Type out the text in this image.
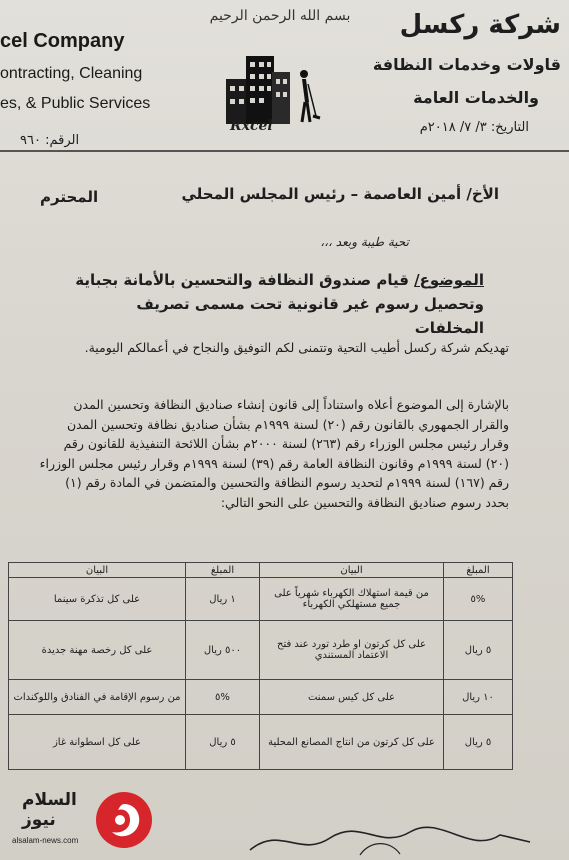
cel Company
ontracting, Cleaning
es, & Public Services
الرقم: ٩٦٠
بسم الله الرحمن الرحيم
Rxcel
شركة ركسل
قاولات وخدمات النظافة
والخدمات العامة
التاريخ: ٣/ ٧/ ٢٠١٨م
الأخ/ أمين العاصمة – رئيس المجلس المحلي
المحترم
تحية طيبة وبعد ،،،
الموضوع/ قيام صندوق النظافة والتحسين بالأمانة بجباية وتحصيل رسوم غير قانونية تحت مسمى تصريف المخلفات
تهديكم شركة ركسل أطيب التحية وتتمنى لكم التوفيق والنجاح في أعمالكم اليومية.
بالإشارة إلى الموضوع أعلاه واستناداً إلى قانون إنشاء صناديق النظافة وتحسين المدن والقرار الجمهوري بالقانون رقم (٢٠) لسنة ١٩٩٩م بشأن صناديق نظافة وتحسين المدن وقرار رئيس مجلس الوزراء رقم (٢٦٣) لسنة ٢٠٠٠م بشأن اللائحة التنفيذية للقانون رقم (٢٠) لسنة ١٩٩٩م وقانون النظافة العامة رقم (٣٩) لسنة ١٩٩٩م وقرار رئيس مجلس الوزراء رقم (١٦٧) لسنة ١٩٩٩م لتحديد رسوم النظافة والتحسين والمتضمن في المادة رقم (١) بحدد رسوم صناديق النظافة والتحسين على النحو التالي:
المبلغ	البيان	المبلغ	البيان
%٥	من قيمة استهلاك الكهرباء شهرياً على جميع مستهلكي الكهرباء	١ ريال	على كل تذكرة سينما
٥ ريال	على كل كرتون او طرد تورد عند فتح الاعتماد المستندي	٥٠٠ ريال	على كل رخصة مهنة جديدة
١٠ ريال	على كل كيس سمنت	%٥	من رسوم الإقامة في الفنادق واللوكندات
٥ ريال	على كل كرتون من انتاج المصانع المحلية	٥ ريال	على كل اسطوانة غاز
السلام
نيوز
alsalam-news.com
